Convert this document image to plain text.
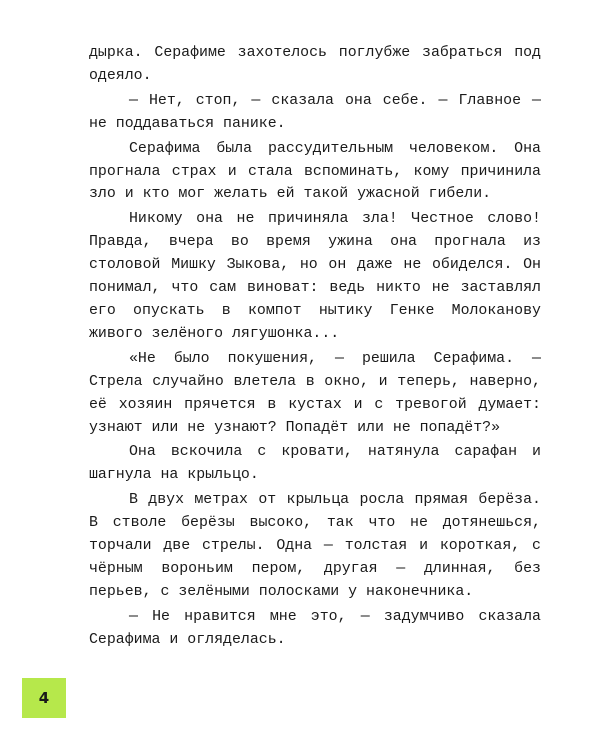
дырка. Серафиме захотелось поглубже забраться под одеяло.

— Нет, стоп, — сказала она себе. — Главное — не поддаваться панике.

Серафима была рассудительным человеком. Она прогнала страх и стала вспоминать, кому причинила зло и кто мог желать ей такой ужасной гибели.

Никому она не причиняла зла! Честное слово! Правда, вчера во время ужина она прогнала из столовой Мишку Зыкова, но он даже не обиделся. Он понимал, что сам виноват: ведь никто не заставлял его опускать в компот нытику Генке Молоканову живого зелёного лягушонка...

«Не было покушения, — решила Серафима. — Стрела случайно влетела в окно, и теперь, наверно, её хозяин прячется в кустах и с тревогой думает: узнают или не узнают? Попадёт или не попадёт?»

Она вскочила с кровати, натянула сарафан и шагнула на крыльцо.

В двух метрах от крыльца росла прямая берёза. В стволе берёзы высоко, так что не дотянешься, торчали две стрелы. Одна — толстая и короткая, с чёрным вороньим пером, другая — длинная, без перьев, с зелёными полосками у наконечника.

— Не нравится мне это, — задумчиво сказала Серафима и огляделась.

4
